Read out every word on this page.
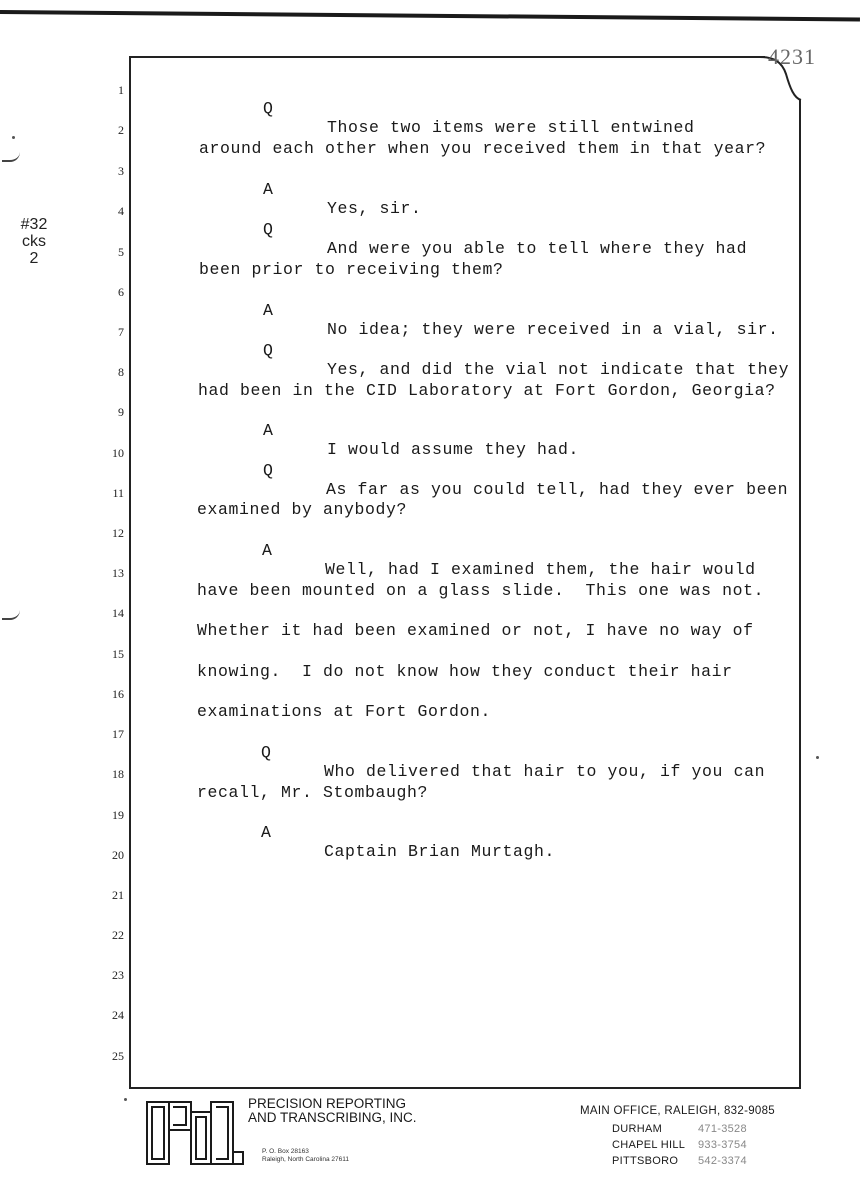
4231
#32
cks
2
1
2
3
4
5
6
7
8
9
10
11
12
13
14
15
16
17
18
19
20
21
22
23
24
25

Q

Those two items were still entwined

around each other when you received them in that year?

A

Yes, sir.

Q

And were you able to tell where they had

been prior to receiving them?

A

No idea; they were received in a vial, sir.

Q

Yes, and did the vial not indicate that they

had been in the CID Laboratory at Fort Gordon, Georgia?

A

I would assume they had.

Q

As far as you could tell, had they ever been

examined by anybody?

A

Well, had I examined them, the hair would

have been mounted on a glass slide.  This one was not.

Whether it had been examined or not, I have no way of

knowing.  I do not know how they conduct their hair

examinations at Fort Gordon.

Q

Who delivered that hair to you, if you can

recall, Mr. Stombaugh?

A

Captain Brian Murtagh.

PRECISION REPORTING
AND TRANSCRIBING, INC.
P. O. Box 28163
Raleigh, North Carolina 27611
MAIN OFFICE, RALEIGH, 832-9085
DURHAM	471-3528
CHAPEL HILL 933-3754
PITTSBORO 542-3374
